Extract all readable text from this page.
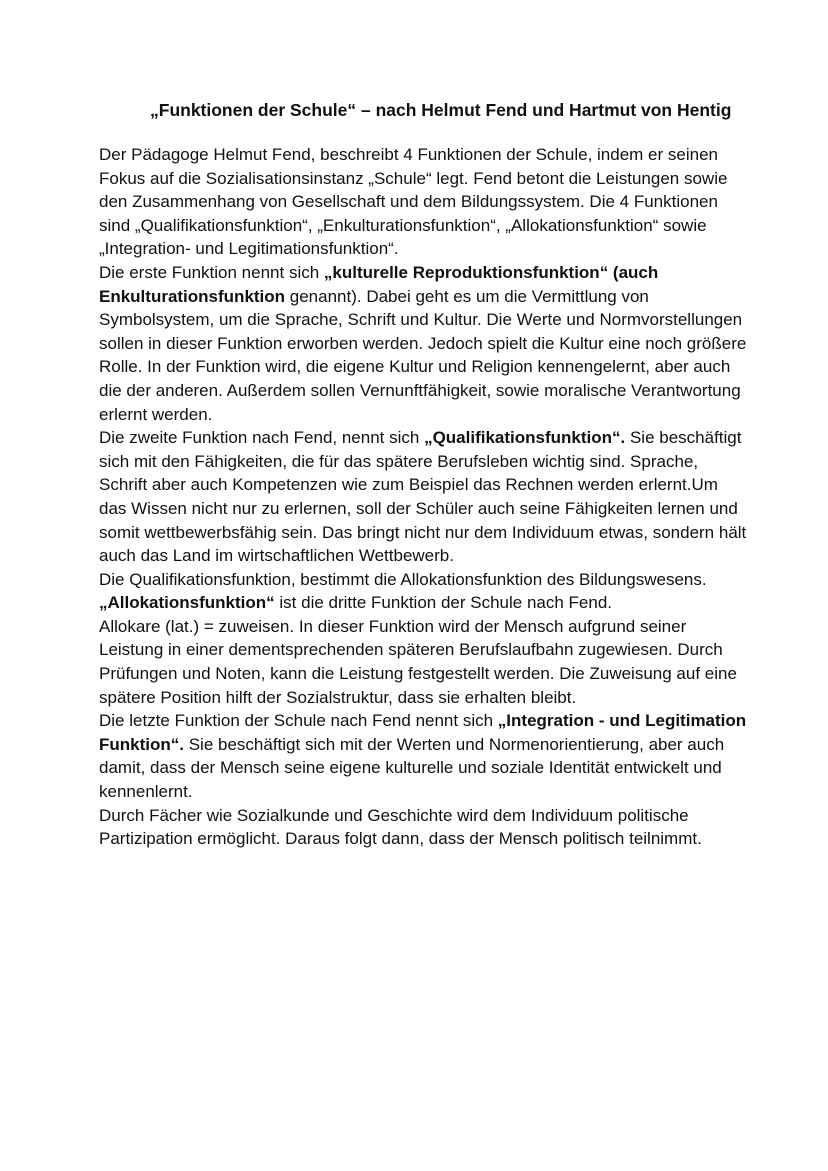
„Funktionen der Schule“ – nach Helmut Fend und Hartmut von Hentig

Der Pädagoge Helmut Fend, beschreibt 4 Funktionen der Schule, indem er seinen Fokus auf die Sozialisationsinstanz „Schule“ legt. Fend betont die Leistungen sowie den Zusammenhang von Gesellschaft und dem Bildungssystem. Die 4 Funktionen sind „Qualifikationsfunktion“, „Enkulturationsfunktion“, „Allokationsfunktion“ sowie „Integration- und Legitimationsfunktion“.

Die erste Funktion nennt sich „kulturelle Reproduktionsfunktion“ (auch Enkulturationsfunktion genannt). Dabei geht es um die Vermittlung von Symbolsystem, um die Sprache, Schrift und Kultur. Die Werte und Normvorstellungen sollen in dieser Funktion erworben werden. Jedoch spielt die Kultur eine noch größere Rolle. In der Funktion wird, die eigene Kultur und Religion kennengelernt, aber auch die der anderen. Außerdem sollen Vernunftfähigkeit, sowie moralische Verantwortung erlernt werden.

Die zweite Funktion nach Fend, nennt sich „Qualifikationsfunktion“. Sie beschäftigt sich mit den Fähigkeiten, die für das spätere Berufsleben wichtig sind. Sprache, Schrift aber auch Kompetenzen wie zum Beispiel das Rechnen werden erlernt.Um das Wissen nicht nur zu erlernen, soll der Schüler auch seine Fähigkeiten lernen und somit wettbewerbsfähig sein. Das bringt nicht nur dem Individuum etwas, sondern hält auch das Land im wirtschaftlichen Wettbewerb.

Die Qualifikationsfunktion, bestimmt die Allokationsfunktion des Bildungswesens.

„Allokationsfunktion“ ist die dritte Funktion der Schule nach Fend.

Allokare (lat.) = zuweisen. In dieser Funktion wird der Mensch aufgrund seiner Leistung in einer dementsprechenden späteren Berufslaufbahn zugewiesen. Durch Prüfungen und Noten, kann die Leistung festgestellt werden. Die Zuweisung auf eine spätere Position hilft der Sozialstruktur, dass sie erhalten bleibt.

Die letzte Funktion der Schule nach Fend nennt sich „Integration - und Legitimation Funktion“. Sie beschäftigt sich mit der Werten und Normenorientierung, aber auch damit, dass der Mensch seine eigene kulturelle und soziale Identität entwickelt und kennenlernt.

Durch Fächer wie Sozialkunde und Geschichte wird dem Individuum politische Partizipation ermöglicht. Daraus folgt dann, dass der Mensch politisch teilnimmt.
